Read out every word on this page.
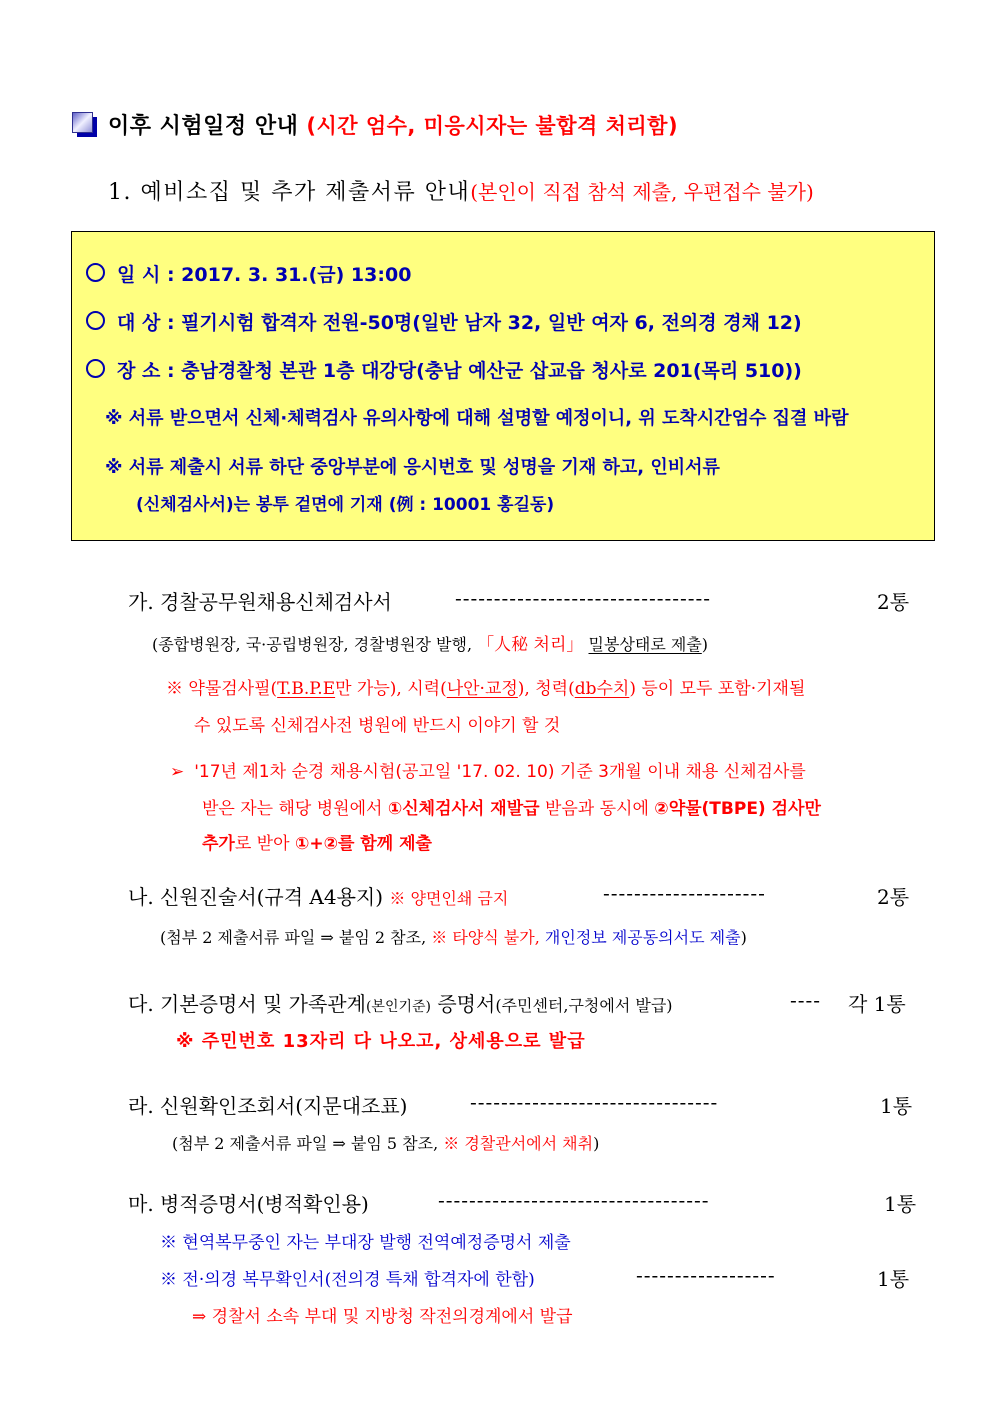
이후 시험일정 안내 (시간 엄수, 미응시자는 불합격 처리함)
1. 예비소집 및 추가 제출서류 안내(본인이 직접 참석 제출, 우편접수 불가)
일 시 : 2017. 3. 31.(금) 13:00
대 상 : 필기시험 합격자 전원-50명(일반 남자 32, 일반 여자 6, 전의경 경채 12)
장 소 : 충남경찰청 본관 1층 대강당(충남 예산군 삽교읍 청사로 201(목리 510))
※ 서류 받으면서 신체·체력검사 유의사항에 대해 설명할 예정이니, 위 도착시간엄수 집결 바람
※ 서류 제출시 서류 하단 중앙부분에 응시번호 및 성명을 기재 하고, 인비서류
(신체검사서)는 봉투 겉면에 기재 (例 : 10001 홍길동)
가. 경찰공무원채용신체검사서	---------------------------------	2통
(종합병원장, 국·공립병원장, 경찰병원장 발행, 「人秘 처리」 밀봉상태로 제출)
※ 약물검사필(T.B.P.E만 가능), 시력(나안·교정), 청력(db수치) 등이 모두 포함·기재될
수 있도록 신체검사전 병원에 반드시 이야기 할 것
➢ '17년 제1차 순경 채용시험(공고일 '17. 02. 10) 기준 3개월 이내 채용 신체검사를
받은 자는 해당 병원에서 ①신체검사서 재발급 받음과 동시에 ②약물(TBPE) 검사만
추가로 받아 ①+②를 함께 제출
나. 신원진술서(규격 A4용지) ※ 양면인쇄 금지	---------------------	2통
(첨부 2 제출서류 파일 ⇒ 붙임 2 참조, ※ 타양식 불가, 개인정보 제공동의서도 제출)
다. 기본증명서 및 가족관계(본인기준) 증명서(주민센터,구청에서 발급)	---- 각 1통
※ 주민번호 13자리 다 나오고, 상세용으로 발급
라. 신원확인조회서(지문대조표)	--------------------------------	1통
(첨부 2 제출서류 파일 ⇒ 붙임 5 참조, ※ 경찰관서에서 채취)
마. 병적증명서(병적확인용)	-----------------------------------	1통
※ 현역복무중인 자는 부대장 발행 전역예정증명서 제출
※ 전·의경 복무확인서(전의경 특채 합격자에 한함)	------------------	1통
⇒ 경찰서 소속 부대 및 지방청 작전의경계에서 발급
